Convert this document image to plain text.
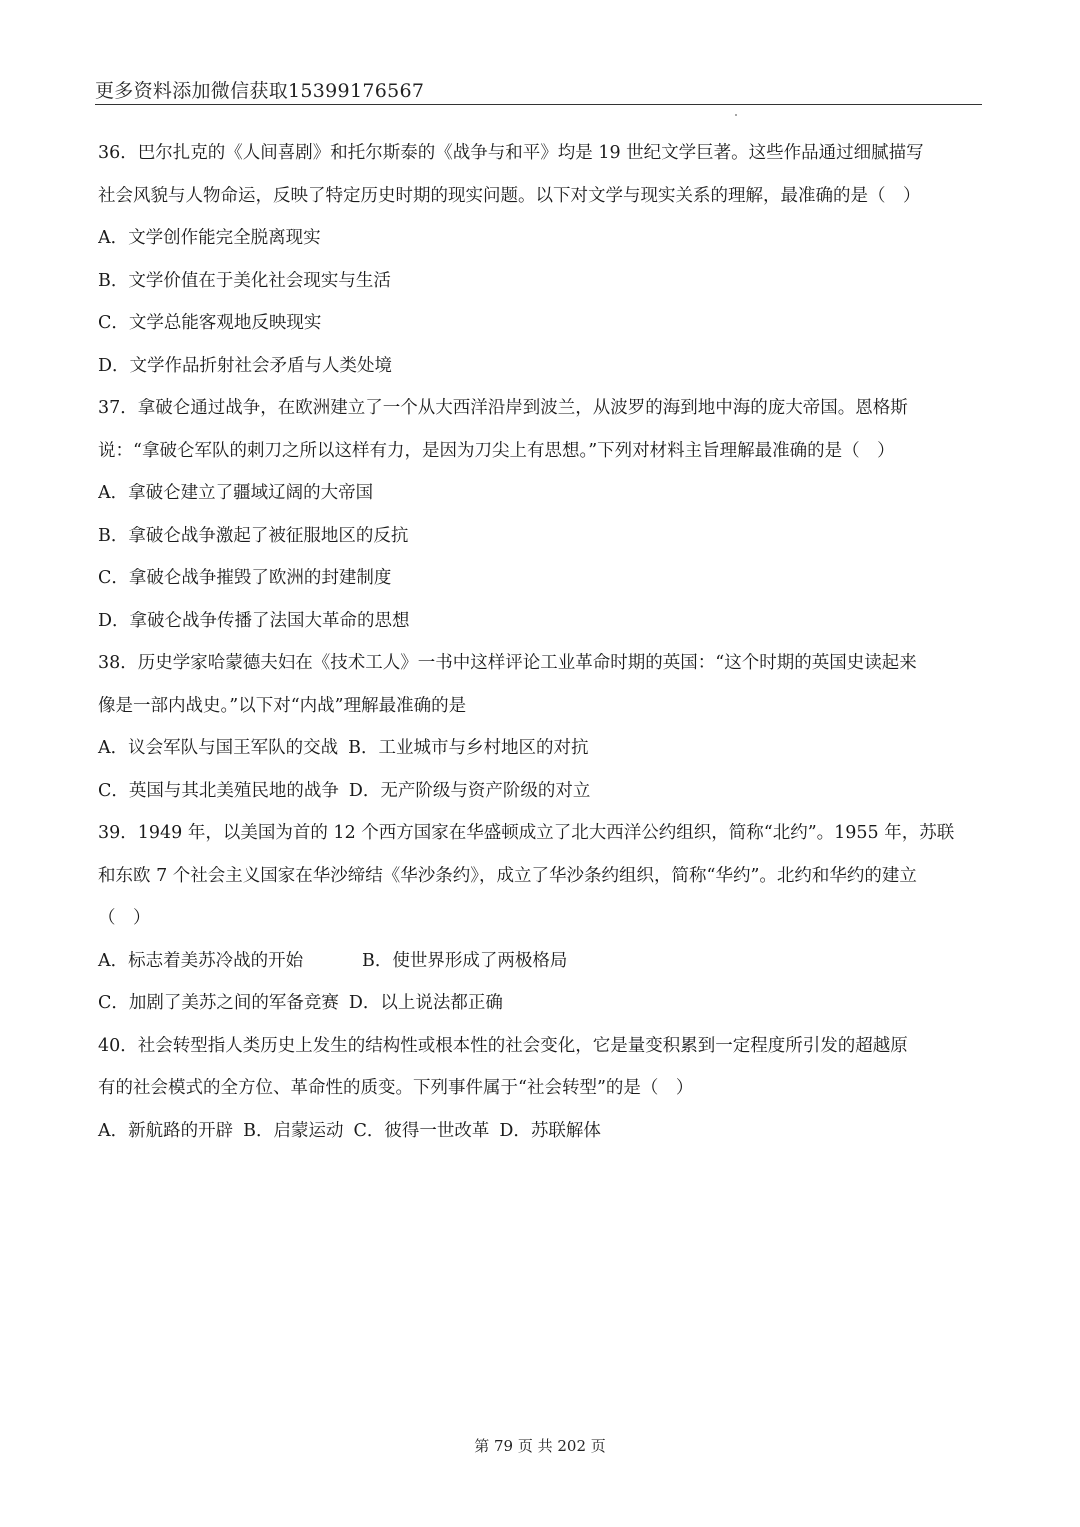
更多资料添加微信获取15399176567
36．巴尔扎克的《人间喜剧》和托尔斯泰的《战争与和平》均是 19 世纪文学巨著。这些作品通过细腻描写
社会风貌与人物命运，反映了特定历史时期的现实问题。以下对文学与现实关系的理解，最准确的是（　）
A．文学创作能完全脱离现实
B．文学价值在于美化社会现实与生活
C．文学总能客观地反映现实
D．文学作品折射社会矛盾与人类处境
37．拿破仑通过战争，在欧洲建立了一个从大西洋沿岸到波兰，从波罗的海到地中海的庞大帝国。恩格斯
说：“拿破仑军队的刺刀之所以这样有力，是因为刀尖上有思想。”下列对材料主旨理解最准确的是（　）
A．拿破仑建立了疆域辽阔的大帝国
B．拿破仑战争激起了被征服地区的反抗
C．拿破仑战争摧毁了欧洲的封建制度
D．拿破仑战争传播了法国大革命的思想
38．历史学家哈蒙德夫妇在《技术工人》一书中这样评论工业革命时期的英国：“这个时期的英国史读起来
像是一部内战史。”以下对“内战”理解最准确的是
A．议会军队与国王军队的交战 B．工业城市与乡村地区的对抗
C．英国与其北美殖民地的战争 D．无产阶级与资产阶级的对立
39．1949 年，以美国为首的 12 个西方国家在华盛顿成立了北大西洋公约组织，简称“北约”。1955 年，苏联
和东欧 7 个社会主义国家在华沙缔结《华沙条约》，成立了华沙条约组织，简称“华约”。北约和华约的建立
（　）
A．标志着美苏冷战的开始	B．使世界形成了两极格局
C．加剧了美苏之间的军备竞赛 D．以上说法都正确
40．社会转型指人类历史上发生的结构性或根本性的社会变化，它是量变积累到一定程度所引发的超越原
有的社会模式的全方位、革命性的质变。下列事件属于“社会转型”的是（　）
A．新航路的开辟 B．启蒙运动 C．彼得一世改革 D．苏联解体
第 79 页 共 202 页
